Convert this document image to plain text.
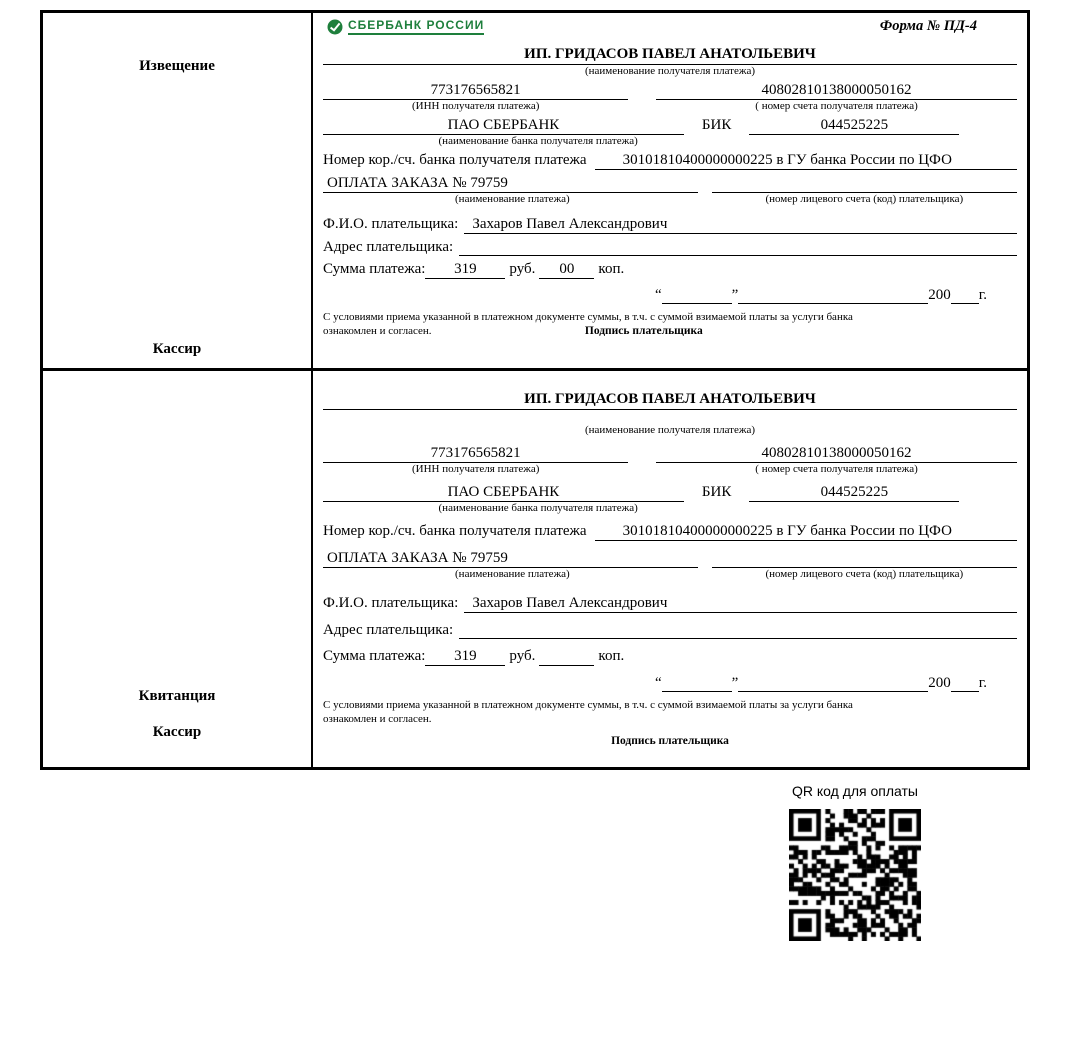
Извещение
Кассир
СБЕРБАНК РОССИИ	Форма № ПД-4
ИП. ГРИДАСОВ ПАВЕЛ АНАТОЛЬЕВИЧ
(наименование получателя платежа)
773176565821	40802810138000050162
(ИНН получателя платежа)	( номер счета получателя платежа)
ПАО СБЕРБАНК	БИК	044525225
(наименование банка получателя платежа)
Номер кор./сч. банка получателя платежа	30101810400000000225 в ГУ банка России по ЦФО
ОПЛАТА ЗАКАЗА № 79759
(наименование платежа)	(номер лицевого счета (код) плательщика)
Ф.И.О. плательщика: Захаров Павел Александрович
Адрес плательщика:
Сумма платежа:	319	руб.	00	коп.
“	”	200 г.
С условиями приема указанной в платежном документе суммы, в т.ч. с суммой взимаемой платы за услуги банка
ознакомлен и согласен.	Подпись плательщика
Квитанция
Кассир
ИП. ГРИДАСОВ ПАВЕЛ АНАТОЛЬЕВИЧ
(наименование получателя платежа)
773176565821	40802810138000050162
(ИНН получателя платежа)	( номер счета получателя платежа)
ПАО СБЕРБАНК	БИК	044525225
(наименование банка получателя платежа)
Номер кор./сч. банка получателя платежа	30101810400000000225 в ГУ банка России по ЦФО
ОПЛАТА ЗАКАЗА № 79759
(наименование платежа)	(номер лицевого счета (код) плательщика)
Ф.И.О. плательщика: Захаров Павел Александрович
Адрес плательщика:
Сумма платежа:	319	руб.	коп.
“	”	200 г.
С условиями приема указанной в платежном документе суммы, в т.ч. с суммой взимаемой платы за услуги банка
ознакомлен и согласен.
Подпись плательщика
QR код для оплаты
